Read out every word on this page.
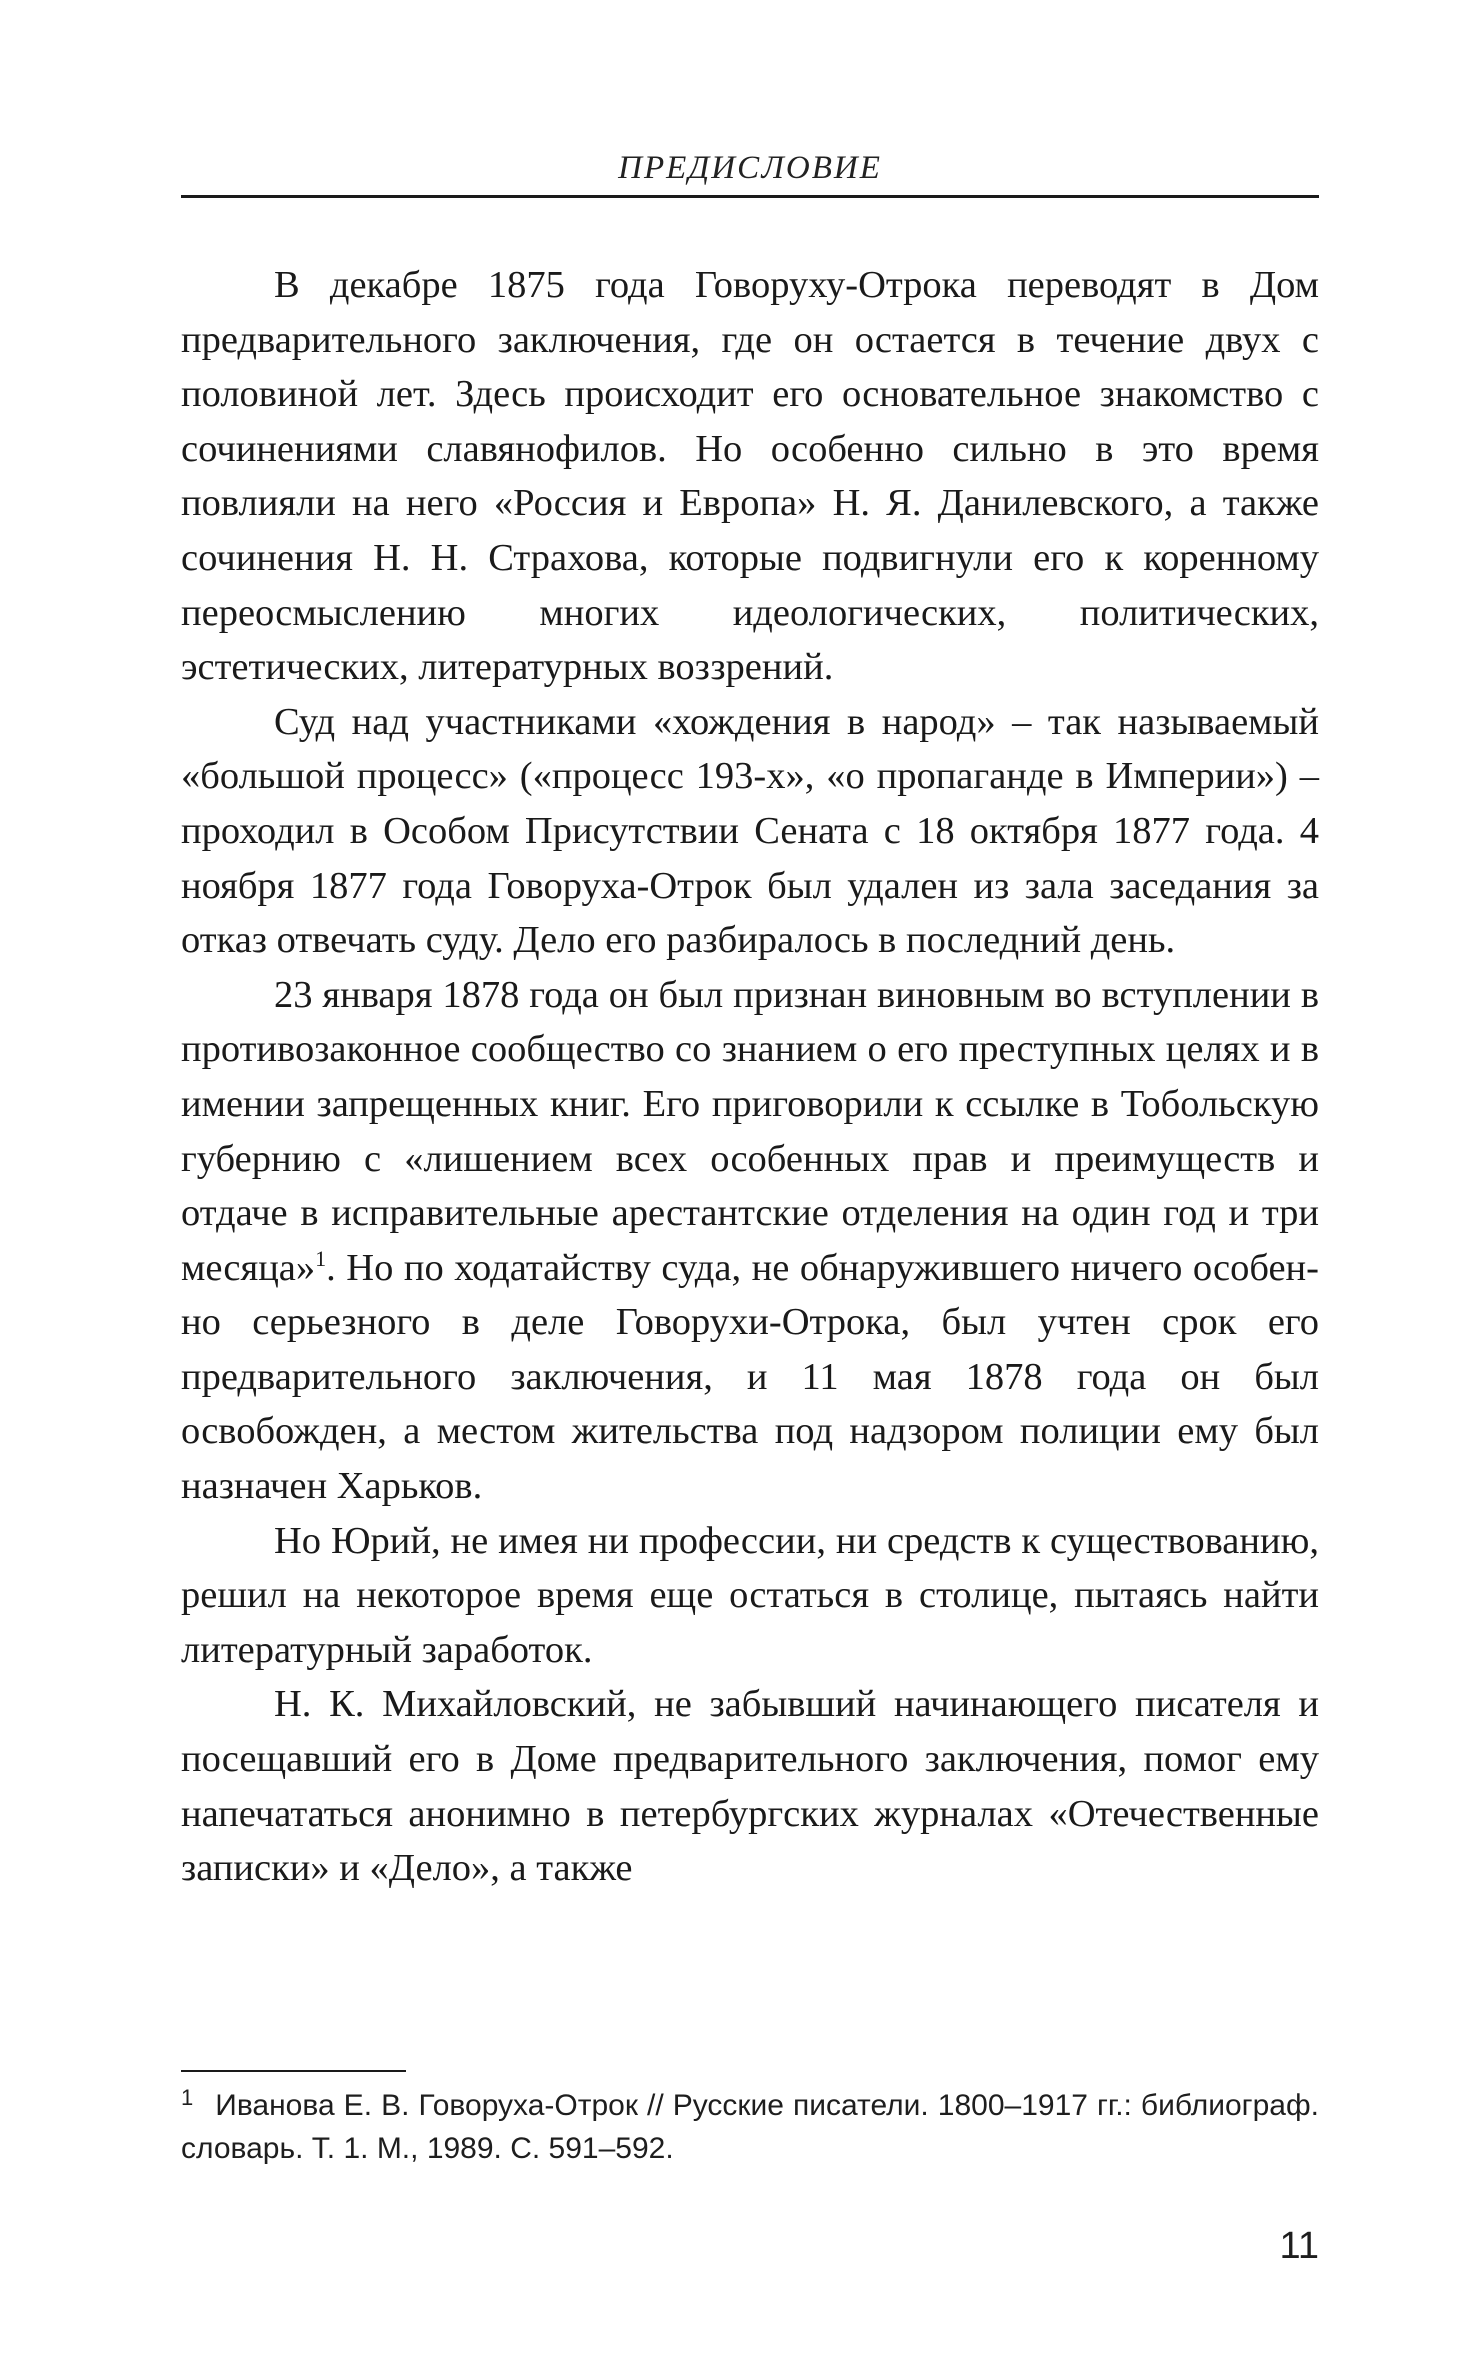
ПРЕДИСЛОВИЕ

В декабре 1875 года Говоруху-Отрока переводят в Дом предварительного заключения, где он остается в течение двух с половиной лет. Здесь происходит его основательное знакомство с сочинениями славянофилов. Но особенно сильно в это время повлияли на него «Россия и Европа» Н. Я. Данилевского, а также сочинения Н. Н. Страхова, которые подвигнули его к коренному переосмыслению многих идеологических, политических, эстетических, литературных воззрений.

Суд над участниками «хождения в народ» – так называемый «большой процесс» («процесс 193-х», «о пропаганде в Империи») – проходил в Особом Присутствии Сената с 18 октября 1877 года. 4 ноября 1877 года Говоруха-Отрок был удален из зала заседания за отказ отвечать суду. Дело его разбиралось в последний день.

23 января 1878 года он был признан виновным во вступлении в противозаконное сообщество со знанием о его преступных целях и в имении запрещенных книг. Его приговорили к ссылке в Тобольскую губернию с «лишением всех особенных прав и преимуществ и отдаче в исправительные арестантские отделения на один год и три месяца»$^1$. Но по ходатайству суда, не обнаружившего ничего особенно серьезного в деле Говорухи-Отрока, был учтен срок его предварительного заключения, и 11 мая 1878 года он был освобожден, а местом жительства под надзором полиции ему был назначен Харьков.

Но Юрий, не имея ни профессии, ни средств к существованию, решил на некоторое время еще остаться в столице, пытаясь найти литературный заработок.

Н. К. Михайловский, не забывший начинающего писателя и посещавший его в Доме предварительного заключения, помог ему напечататься анонимно в петербургских журналах «Отечественные записки» и «Дело», а также

$^1$ Иванова Е. В. Говоруха-Отрок // Русские писатели. 1800–1917 гг.: библиограф. словарь. Т. 1. М., 1989. С. 591–592.
11
